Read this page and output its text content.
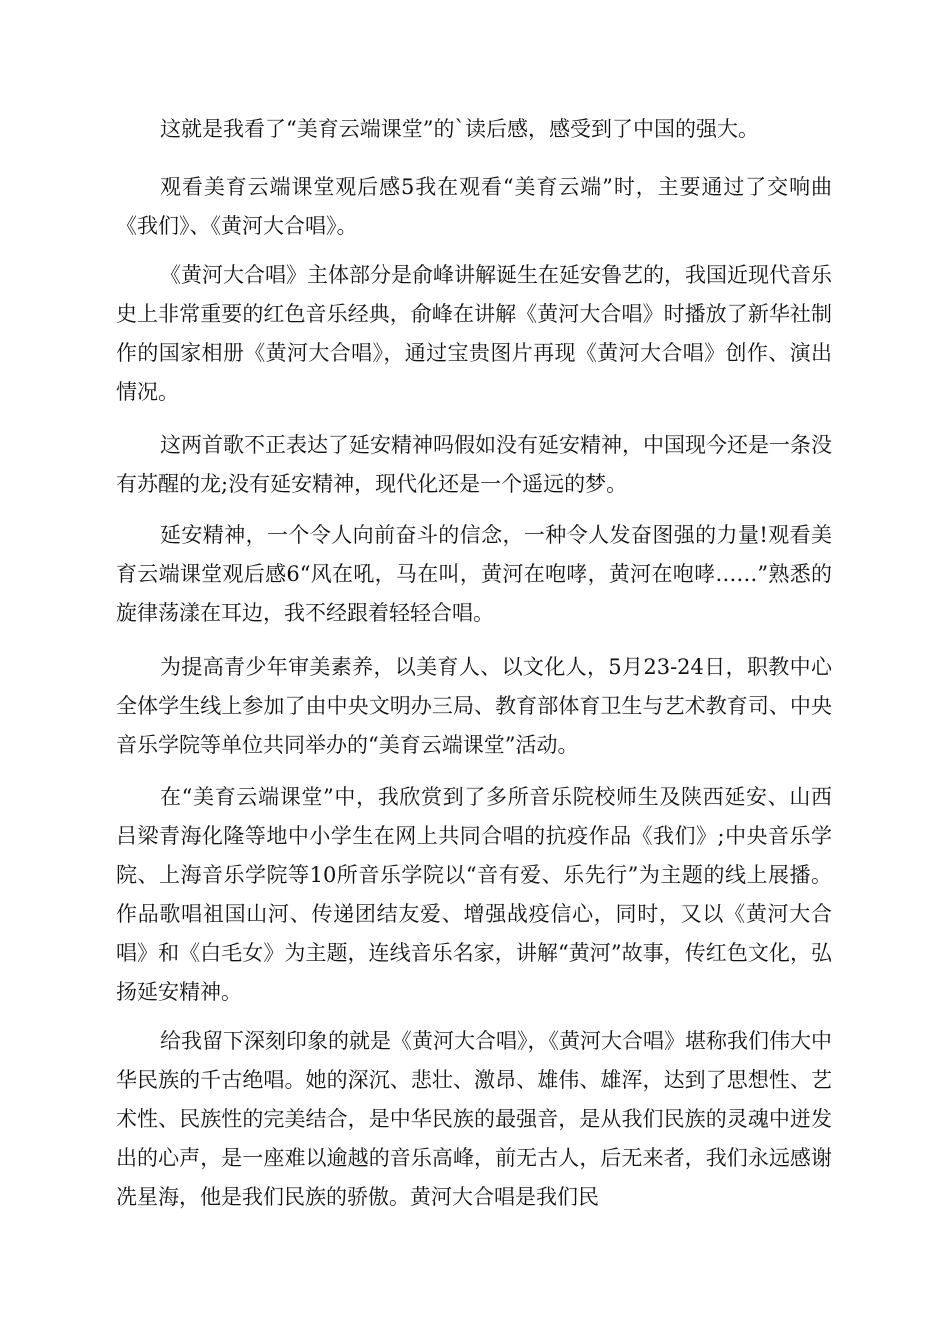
这就是我看了“美育云端课堂”的`读后感，感受到了中国的强大。

观看美育云端课堂观后感5我在观看“美育云端”时，主要通过了交响曲《我们》、《黄河大合唱》。

《黄河大合唱》主体部分是俞峰讲解诞生在延安鲁艺的，我国近现代音乐史上非常重要的红色音乐经典，俞峰在讲解《黄河大合唱》时播放了新华社制作的国家相册《黄河大合唱》，通过宝贵图片再现《黄河大合唱》创作、演出情况。

这两首歌不正表达了延安精神吗假如没有延安精神，中国现今还是一条没有苏醒的龙;没有延安精神，现代化还是一个遥远的梦。

延安精神，一个令人向前奋斗的信念，一种令人发奋图强的力量!观看美育云端课堂观后感6“风在吼，马在叫，黄河在咆哮，黄河在咆哮……”熟悉的旋律荡漾在耳边，我不经跟着轻轻合唱。

为提高青少年审美素养，以美育人、以文化人，5月23-24日，职教中心全体学生线上参加了由中央文明办三局、教育部体育卫生与艺术教育司、中央音乐学院等单位共同举办的“美育云端课堂”活动。

在“美育云端课堂”中，我欣赏到了多所音乐院校师生及陕西延安、山西吕梁青海化隆等地中小学生在网上共同合唱的抗疫作品《我们》;中央音乐学院、上海音乐学院等10所音乐学院以“音有爱、乐先行”为主题的线上展播。作品歌唱祖国山河、传递团结友爱、增强战疫信心，同时，又以《黄河大合唱》和《白毛女》为主题，连线音乐名家，讲解“黄河”故事，传红色文化，弘扬延安精神。

给我留下深刻印象的就是《黄河大合唱》，《黄河大合唱》堪称我们伟大中华民族的千古绝唱。她的深沉、悲壮、激昂、雄伟、雄浑，达到了思想性、艺术性、民族性的完美结合，是中华民族的最强音，是从我们民族的灵魂中迸发出的心声，是一座难以逾越的音乐高峰，前无古人，后无来者，我们永远感谢冼星海，他是我们民族的骄傲。黄河大合唱是我们民
